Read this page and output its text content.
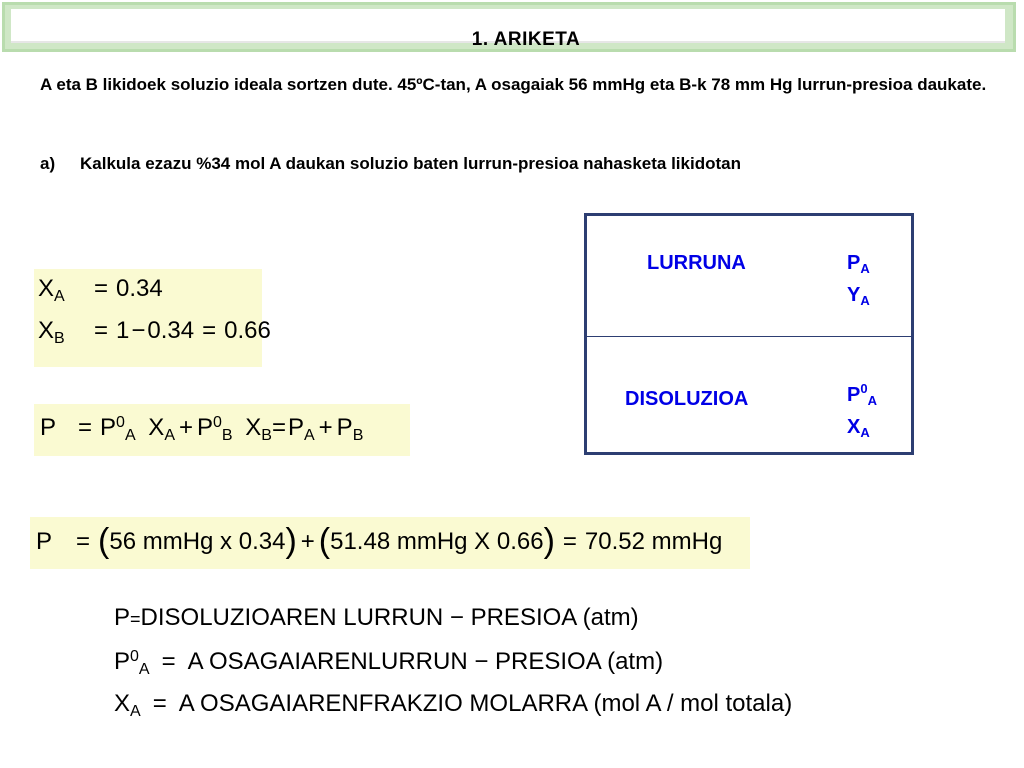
1. ARIKETA
A eta B likidoek soluzio ideala sortzen dute. 45ºC-tan, A osagaiak 56 mmHg eta B-k 78 mm Hg lurrun-presioa daukate.
a) Kalkula ezazu %34 mol A daukan soluzio baten lurrun-presioa nahasketa likidotan
$X_A = 0.34$
$X_B = 1-0.34 = 0.66$
$P = P^0_A$ $X_A + P^0_B$ $X_B=P_A + P_B$
LURRUNA	$P_A$
$Y_A$
DISOLUZIOA	$P^0_A$
$X_A$
P = (56 mmHg x 0.34) + (51.48 mmHg X 0.66) = 70.52 mmHg
P=DISOLUZIOAREN LURRUN − PRESIOA (atm)
$P^0_A = A$ OSAGAIARENLURRUN − PRESIOA (atm)
$X_A = A$ OSAGAIARENFRAKZIO MOLARRA (mol A / mol totala)
